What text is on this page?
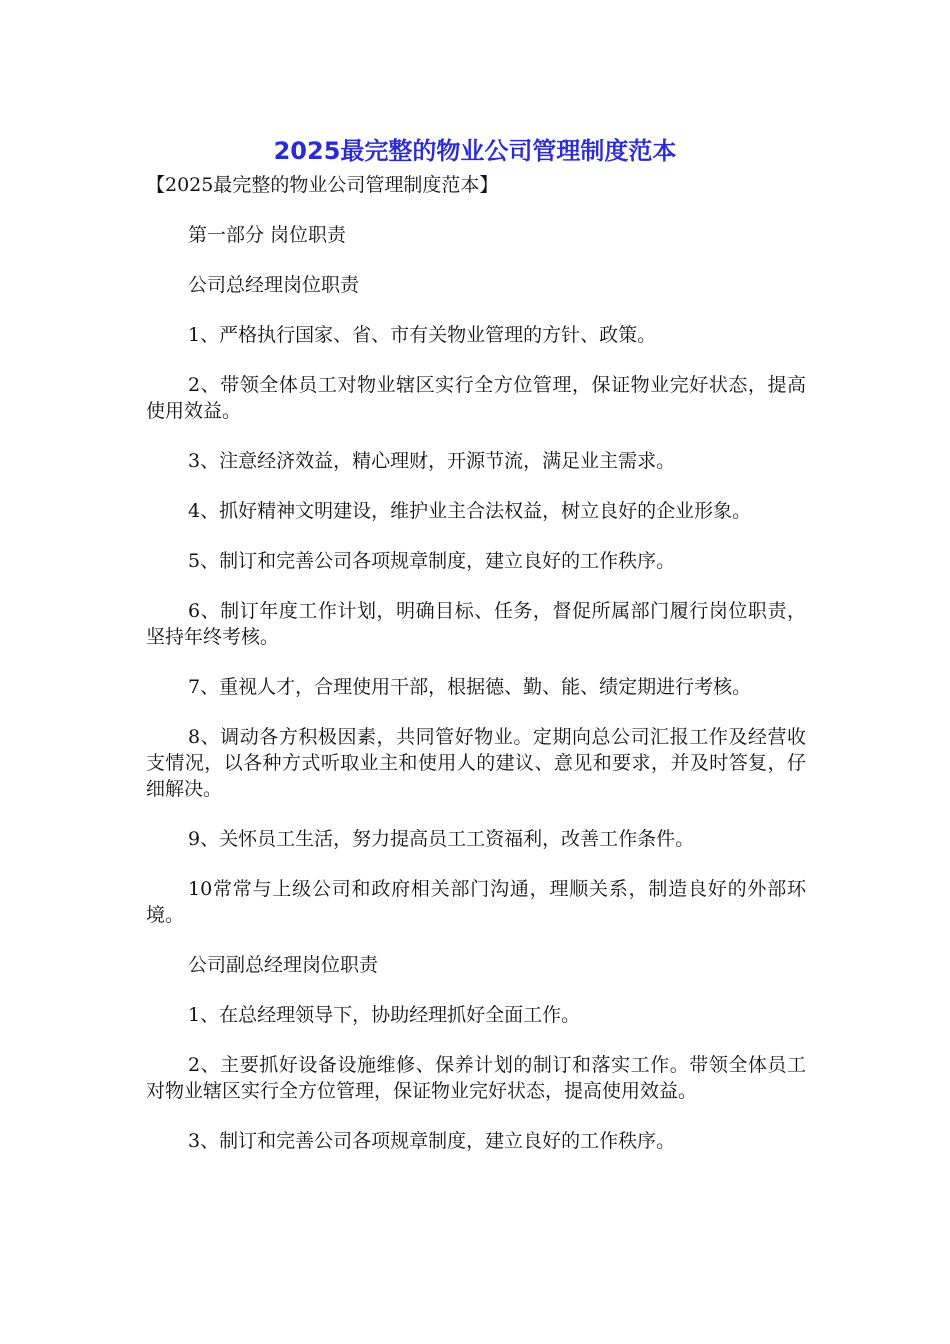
2025最完整的物业公司管理制度范本

【2025最完整的物业公司管理制度范本】

第一部分 岗位职责

公司总经理岗位职责

1、严格执行国家、省、市有关物业管理的方针、政策。

2、带领全体员工对物业辖区实行全方位管理，保证物业完好状态，提高使用效益。

3、注意经济效益，精心理财，开源节流，满足业主需求。

4、抓好精神文明建设，维护业主合法权益，树立良好的企业形象。

5、制订和完善公司各项规章制度，建立良好的工作秩序。

6、制订年度工作计划，明确目标、任务，督促所属部门履行岗位职责，坚持年终考核。

7、重视人才，合理使用干部，根据德、勤、能、绩定期进行考核。

8、调动各方积极因素，共同管好物业。定期向总公司汇报工作及经营收支情况，以各种方式听取业主和使用人的建议、意见和要求，并及时答复，仔细解决。

9、关怀员工生活，努力提高员工工资福利，改善工作条件。

10常常与上级公司和政府相关部门沟通，理顺关系，制造良好的外部环境。

公司副总经理岗位职责

1、在总经理领导下，协助经理抓好全面工作。

2、主要抓好设备设施维修、保养计划的制订和落实工作。带领全体员工对物业辖区实行全方位管理，保证物业完好状态，提高使用效益。

3、制订和完善公司各项规章制度，建立良好的工作秩序。
